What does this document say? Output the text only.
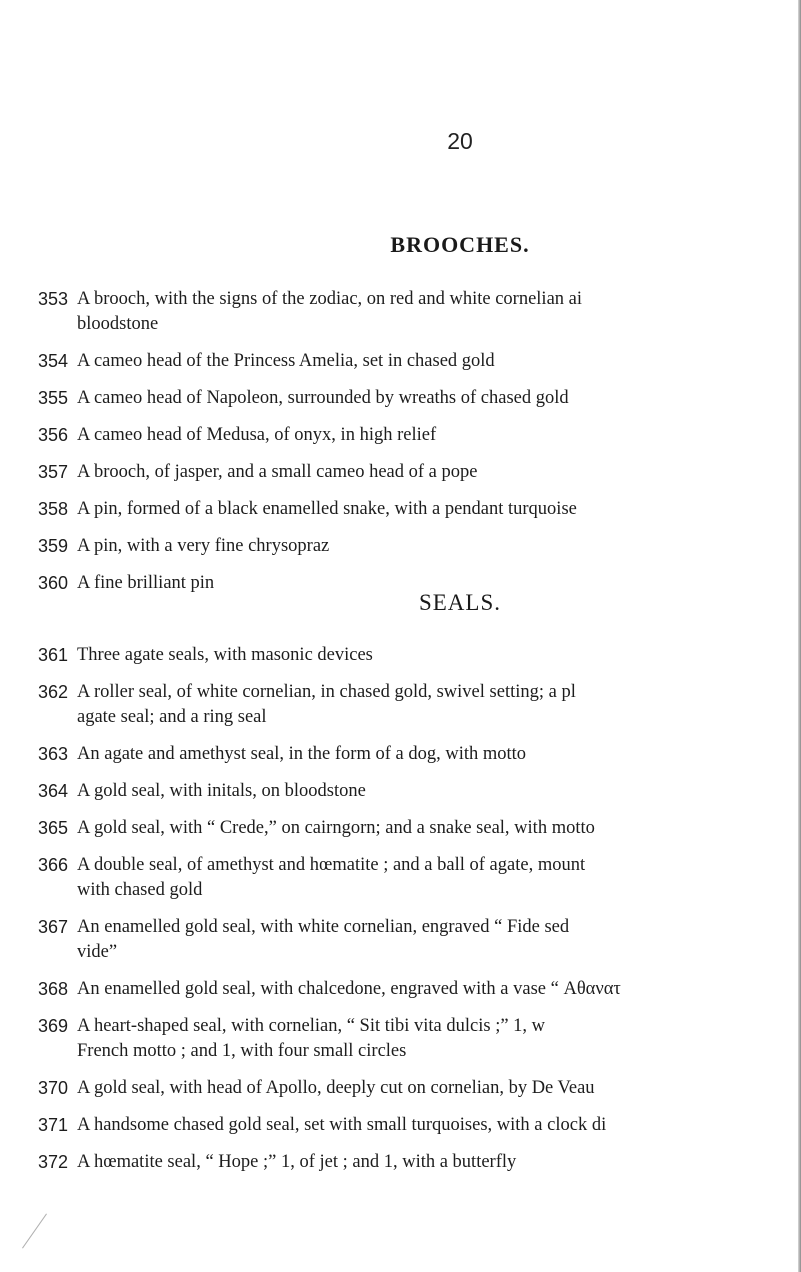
20
BROOCHES.
353 A brooch, with the signs of the zodiac, on red and white cornelian ai
bloodstone
354 A cameo head of the Princess Amelia, set in chased gold
355 A cameo head of Napoleon, surrounded by wreaths of chased gold
356 A cameo head of Medusa, of onyx, in high relief
357 A brooch, of jasper, and a small cameo head of a pope
358 A pin, formed of a black enamelled snake, with a pendant turquoise
359 A pin, with a very fine chrysopraz
360 A fine brilliant pin
SEALS.
361 Three agate seals, with masonic devices
362 A roller seal, of white cornelian, in chased gold, swivel setting; a pl
agate seal; and a ring seal
363 An agate and amethyst seal, in the form of a dog, with motto
364 A gold seal, with initals, on bloodstone
365 A gold seal, with “ Crede,” on cairngorn; and a snake seal, with motto
366 A double seal, of amethyst and hœmatite ; and a ball of agate, mount
with chased gold
367 An enamelled gold seal, with white cornelian, engraved “ Fide sed
vide”
368 An enamelled gold seal, with chalcedone, engraved with a vase “ Αθανατ
369 A heart-shaped seal, with cornelian, “ Sit tibi vita dulcis ;” 1, w
French motto ; and 1, with four small circles
370 A gold seal, with head of Apollo, deeply cut on cornelian, by De Veau
371 A handsome chased gold seal, set with small turquoises, with a clock di
372 A hœmatite seal, “ Hope ;” 1, of jet ; and 1, with a butterfly
